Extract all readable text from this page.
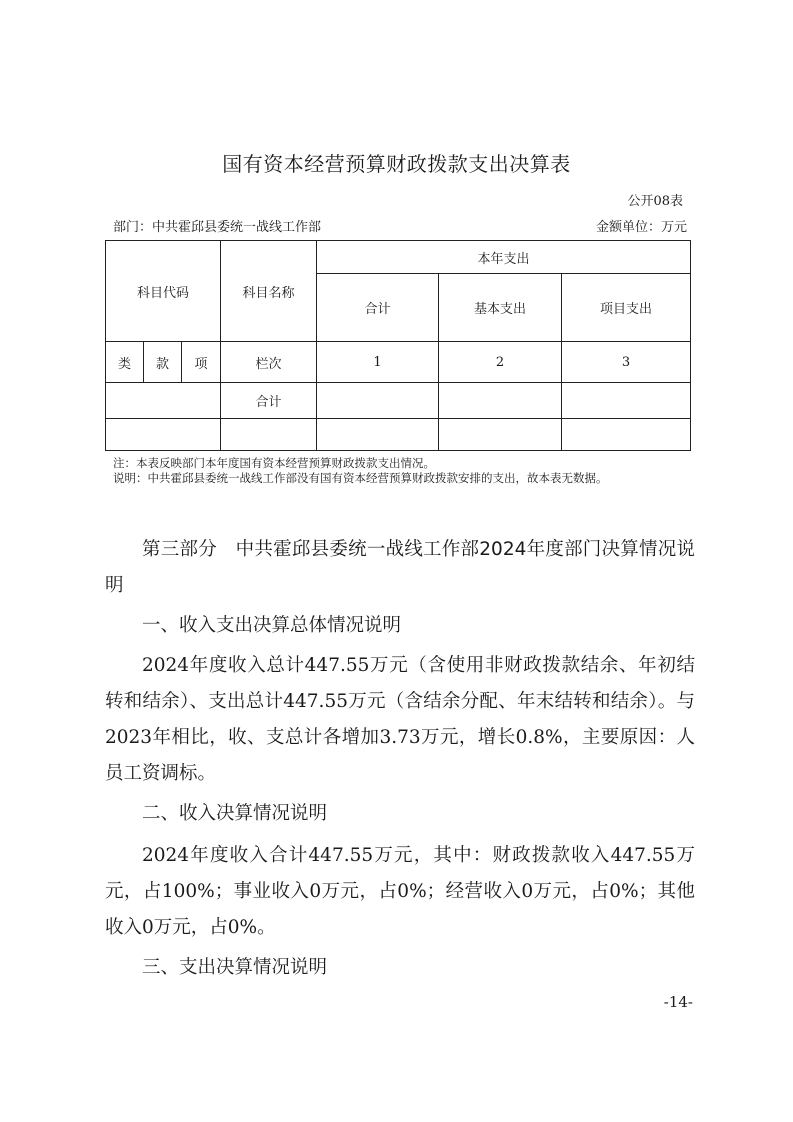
国有资本经营预算财政拨款支出决算表
公开08表
部门：中共霍邱县委统一战线工作部	金额单位：万元
科目代码			科目名称	本年支出		
				合计	基本支出	项目支出
类	款	项	栏次	1	2	3
			合计			

注：本表反映部门本年度国有资本经营预算财政拨款支出情况。
说明：中共霍邱县委统一战线工作部没有国有资本经营预算财政拨款安排的支出，故本表无数据。

第三部分　中共霍邱县委统一战线工作部2024年度部门决算情况说明

一、收入支出决算总体情况说明

2024年度收入总计447.55万元（含使用非财政拨款结余、年初结转和结余）、支出总计447.55万元（含结余分配、年末结转和结余）。与2023年相比，收、支总计各增加3.73万元，增长0.8%，主要原因：人员工资调标。

二、收入决算情况说明

2024年度收入合计447.55万元，其中：财政拨款收入447.55万元，占100%；事业收入0万元，占0%；经营收入0万元，占0%；其他收入0万元，占0%。

三、支出决算情况说明

-14-
